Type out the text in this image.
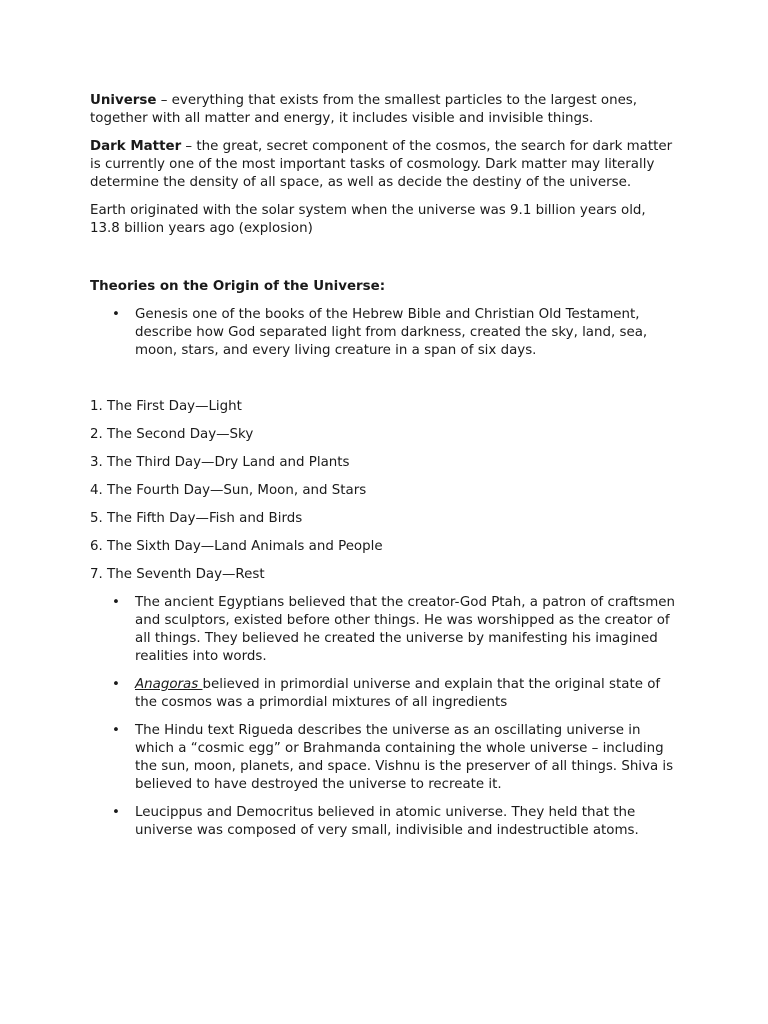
Universe – everything that exists from the smallest particles to the largest ones, together with all matter and energy, it includes visible and invisible things.

Dark Matter – the great, secret component of the cosmos, the search for dark matter is currently one of the most important tasks of cosmology. Dark matter may literally determine the density of all space, as well as decide the destiny of the universe.

Earth originated with the solar system when the universe was 9.1 billion years old, 13.8 billion years ago (explosion)

Theories on the Origin of the Universe:

• Genesis one of the books of the Hebrew Bible and Christian Old Testament, describe how God separated light from darkness, created the sky, land, sea, moon, stars, and every living creature in a span of six days.

1. The First Day—Light

2. The Second Day—Sky

3. The Third Day—Dry Land and Plants

4. The Fourth Day—Sun, Moon, and Stars

5. The Fifth Day—Fish and Birds

6. The Sixth Day—Land Animals and People

7. The Seventh Day—Rest

• The ancient Egyptians believed that the creator-God Ptah, a patron of craftsmen and sculptors, existed before other things. He was worshipped as the creator of all things. They believed he created the universe by manifesting his imagined realities into words.
• Anagoras believed in primordial universe and explain that the original state of the cosmos was a primordial mixtures of all ingredients
• The Hindu text Rigueda describes the universe as an oscillating universe in which a “cosmic egg” or Brahmanda containing the whole universe – including the sun, moon, planets, and space. Vishnu is the preserver of all things. Shiva is believed to have destroyed the universe to recreate it.
• Leucippus and Democritus believed in atomic universe. They held that the universe was composed of very small, indivisible and indestructible atoms.
